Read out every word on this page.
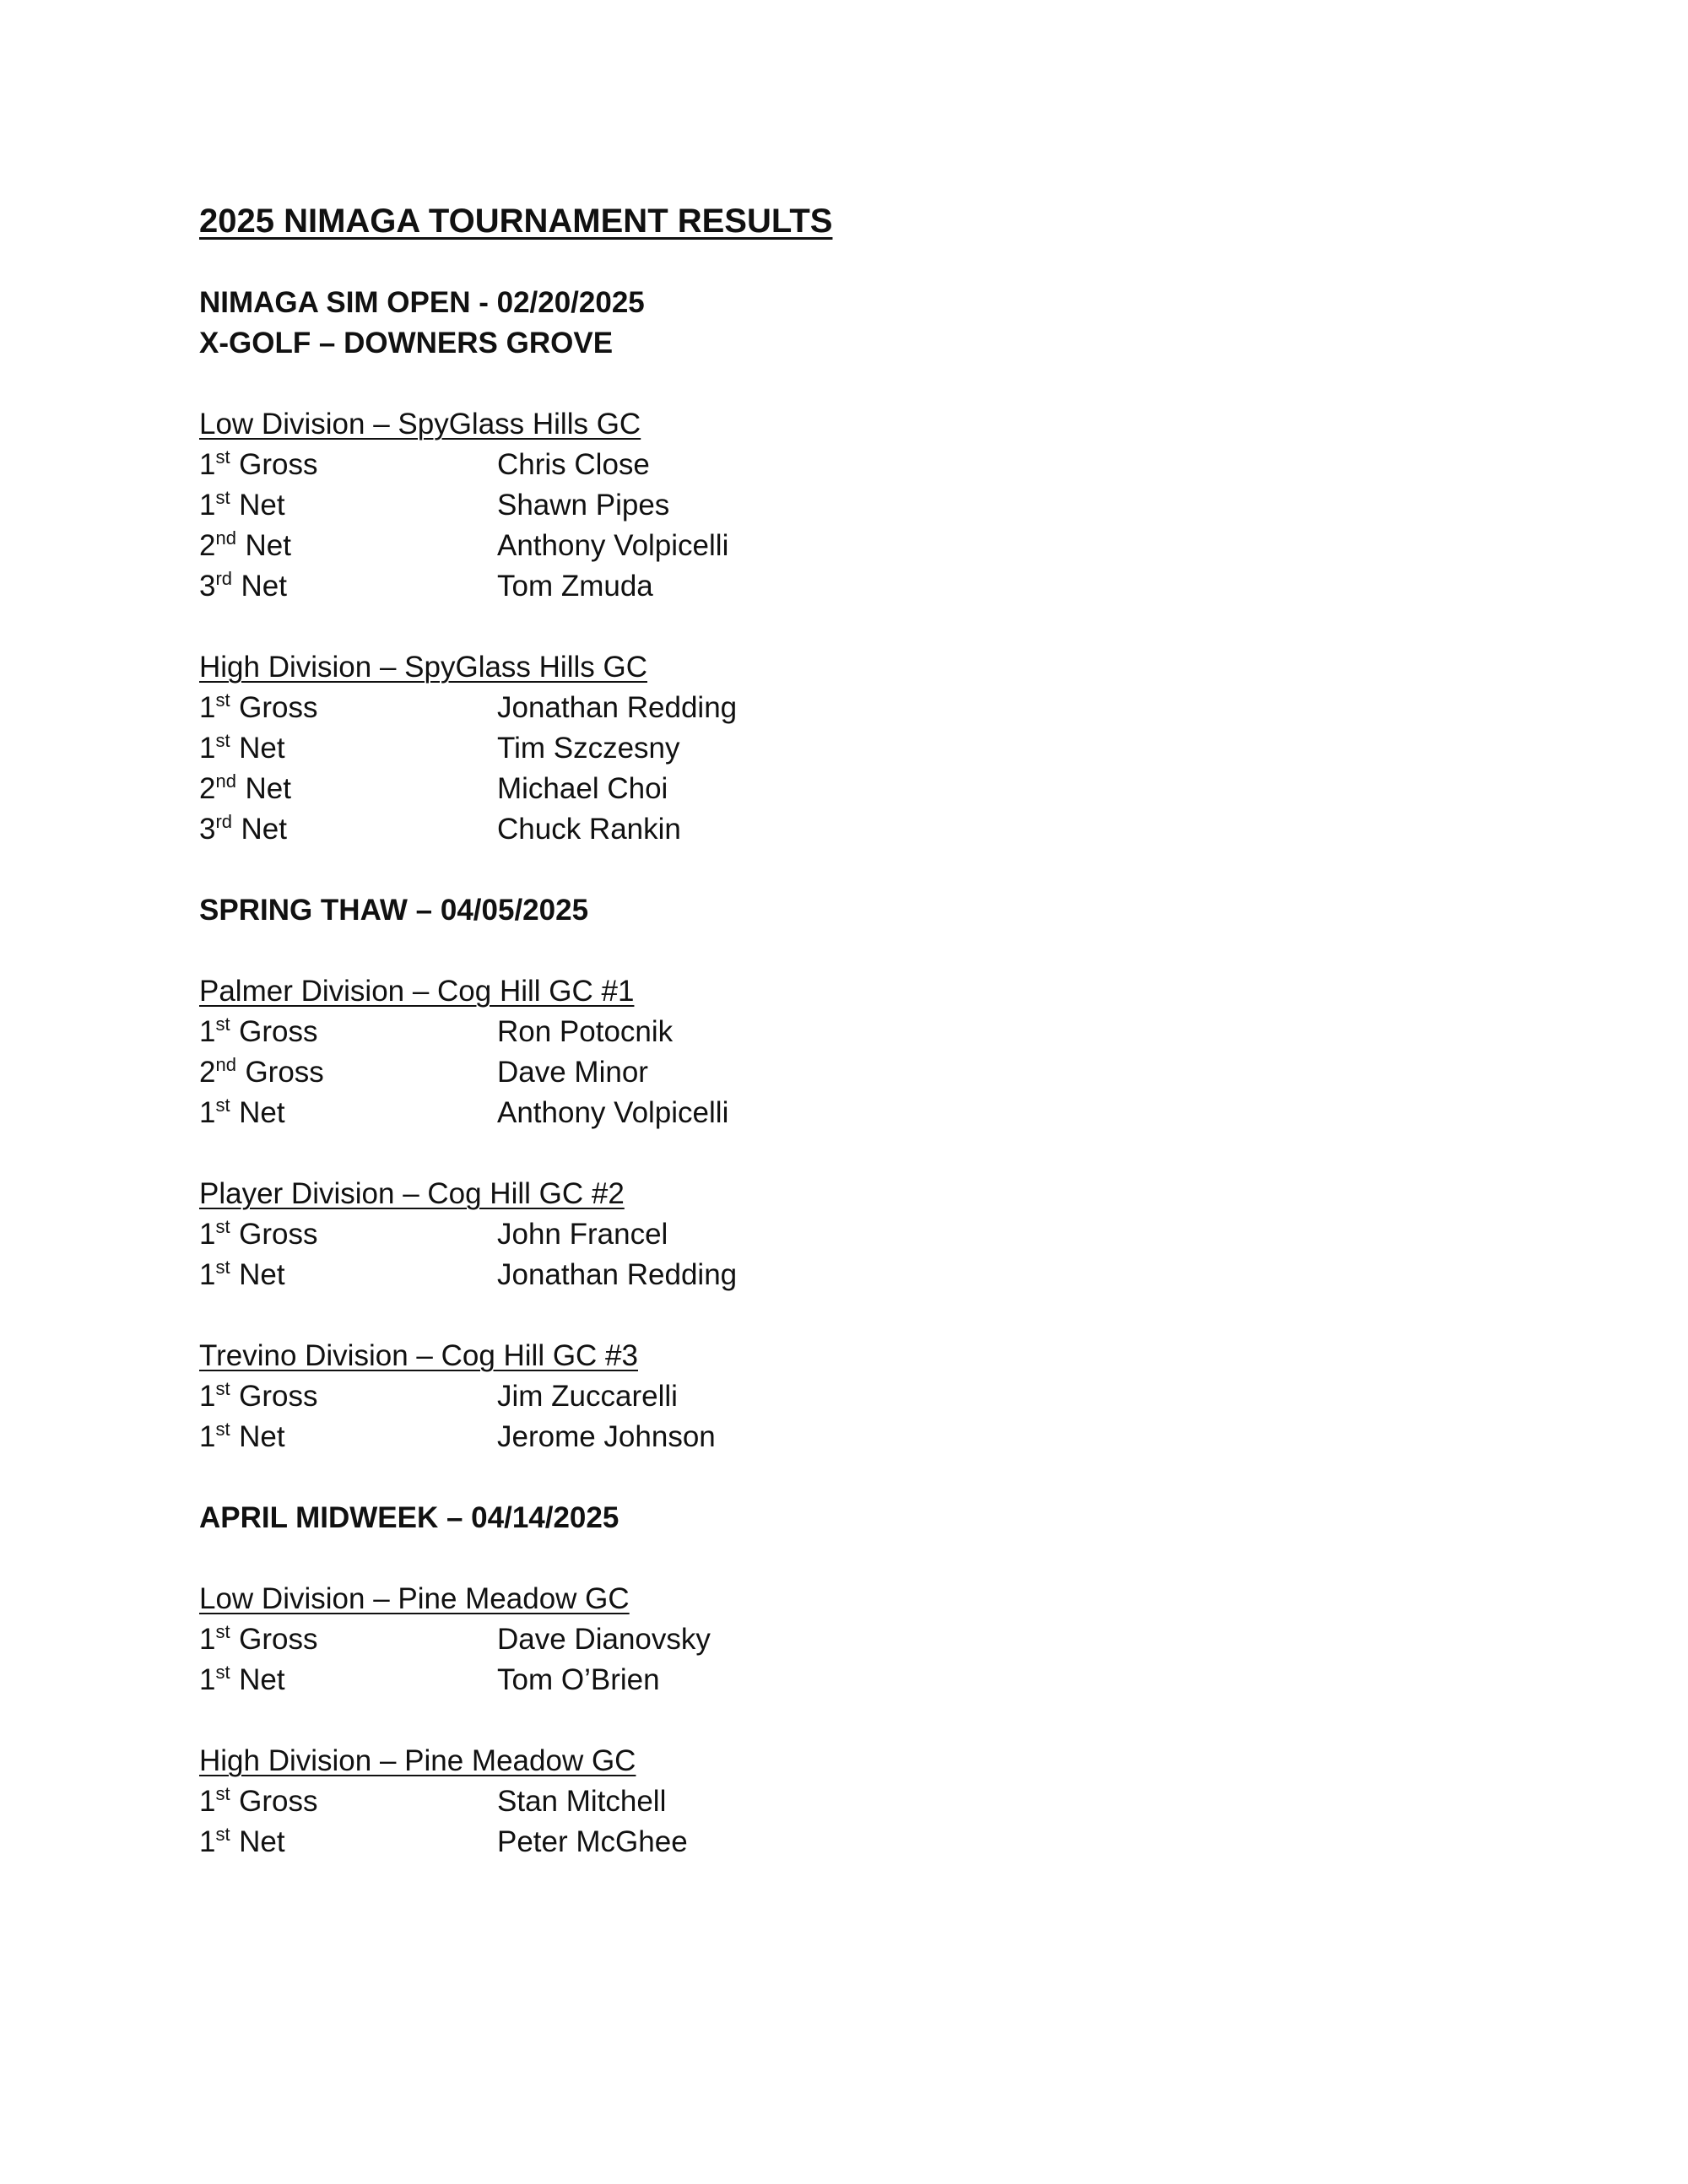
2025 NIMAGA TOURNAMENT RESULTS
NIMAGA SIM OPEN - 02/20/2025
X-GOLF – DOWNERS GROVE
Low Division – SpyGlass Hills GC
1st Gross	Chris Close
1st Net	Shawn Pipes
2nd Net	Anthony Volpicelli
3rd Net	Tom Zmuda
High Division – SpyGlass Hills GC
1st Gross	Jonathan Redding
1st Net	Tim Szczesny
2nd Net	Michael Choi
3rd Net	Chuck Rankin
SPRING THAW – 04/05/2025
Palmer Division – Cog Hill GC #1
1st Gross	Ron Potocnik
2nd Gross	Dave Minor
1st Net	Anthony Volpicelli
Player Division – Cog Hill GC #2
1st Gross	John Francel
1st Net	Jonathan Redding
Trevino Division – Cog Hill GC #3
1st Gross	Jim Zuccarelli
1st Net	Jerome Johnson
APRIL MIDWEEK – 04/14/2025
Low Division – Pine Meadow GC
1st Gross	Dave Dianovsky
1st Net	Tom O’Brien
High Division – Pine Meadow GC
1st Gross	Stan Mitchell
1st Net	Peter McGhee
